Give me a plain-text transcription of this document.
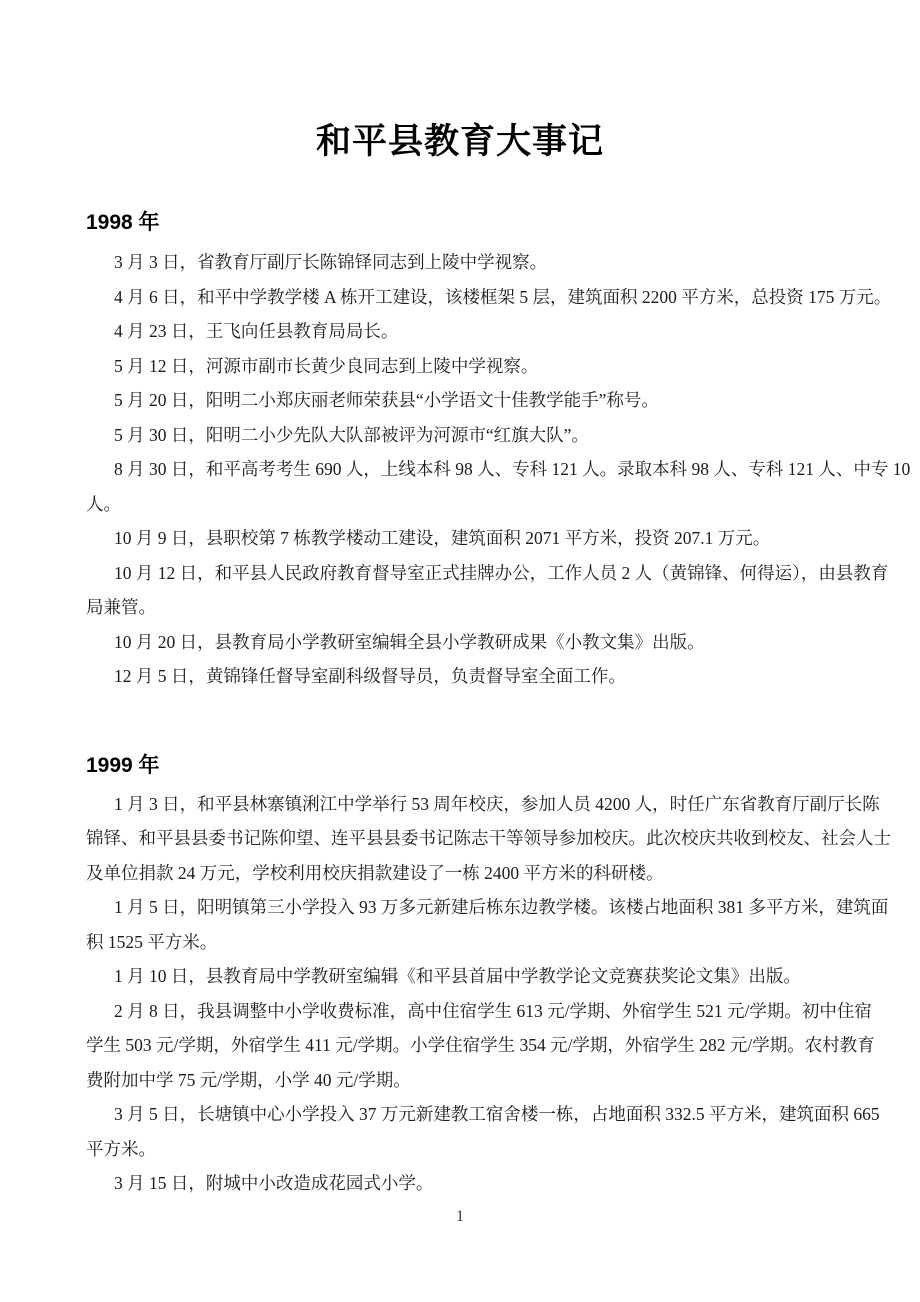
和平县教育大事记
1998 年
3 月 3 日，省教育厅副厅长陈锦铎同志到上陵中学视察。
4 月 6 日，和平中学教学楼 A 栋开工建设，该楼框架 5 层，建筑面积 2200 平方米，总投资 175 万元。
4 月 23 日，王飞向任县教育局局长。
5 月 12 日，河源市副市长黄少良同志到上陵中学视察。
5 月 20 日，阳明二小郑庆丽老师荣获县“小学语文十佳教学能手”称号。
5 月 30 日，阳明二小少先队大队部被评为河源市“红旗大队”。
8 月 30 日，和平高考考生 690 人，上线本科 98 人、专科 121 人。录取本科 98 人、专科 121 人、中专 10
人。
10 月 9 日，县职校第 7 栋教学楼动工建设，建筑面积 2071 平方米，投资 207.1 万元。
10 月 12 日，和平县人民政府教育督导室正式挂牌办公，工作人员 2 人（黄锦锋、何得运），由县教育
局兼管。
10 月 20 日，县教育局小学教研室编辑全县小学教研成果《小教文集》出版。
12 月 5 日，黄锦锋任督导室副科级督导员，负责督导室全面工作。
1999 年
1 月 3 日，和平县林寨镇浰江中学举行 53 周年校庆，参加人员 4200 人，时任广东省教育厅副厅长陈
锦铎、和平县县委书记陈仰望、连平县县委书记陈志干等领导参加校庆。此次校庆共收到校友、社会人士
及单位捐款 24 万元，学校利用校庆捐款建设了一栋 2400 平方米的科研楼。
1 月 5 日，阳明镇第三小学投入 93 万多元新建后栋东边教学楼。该楼占地面积 381 多平方米，建筑面
积 1525 平方米。
1 月 10 日，县教育局中学教研室编辑《和平县首届中学教学论文竞赛获奖论文集》出版。
2 月 8 日，我县调整中小学收费标准，高中住宿学生 613 元/学期、外宿学生 521 元/学期。初中住宿
学生 503 元/学期，外宿学生 411 元/学期。小学住宿学生 354 元/学期，外宿学生 282 元/学期。农村教育
费附加中学 75 元/学期，小学 40 元/学期。
3 月 5 日，长塘镇中心小学投入 37 万元新建教工宿舍楼一栋，占地面积 332.5 平方米，建筑面积 665
平方米。
3 月 15 日，附城中小改造成花园式小学。
1
